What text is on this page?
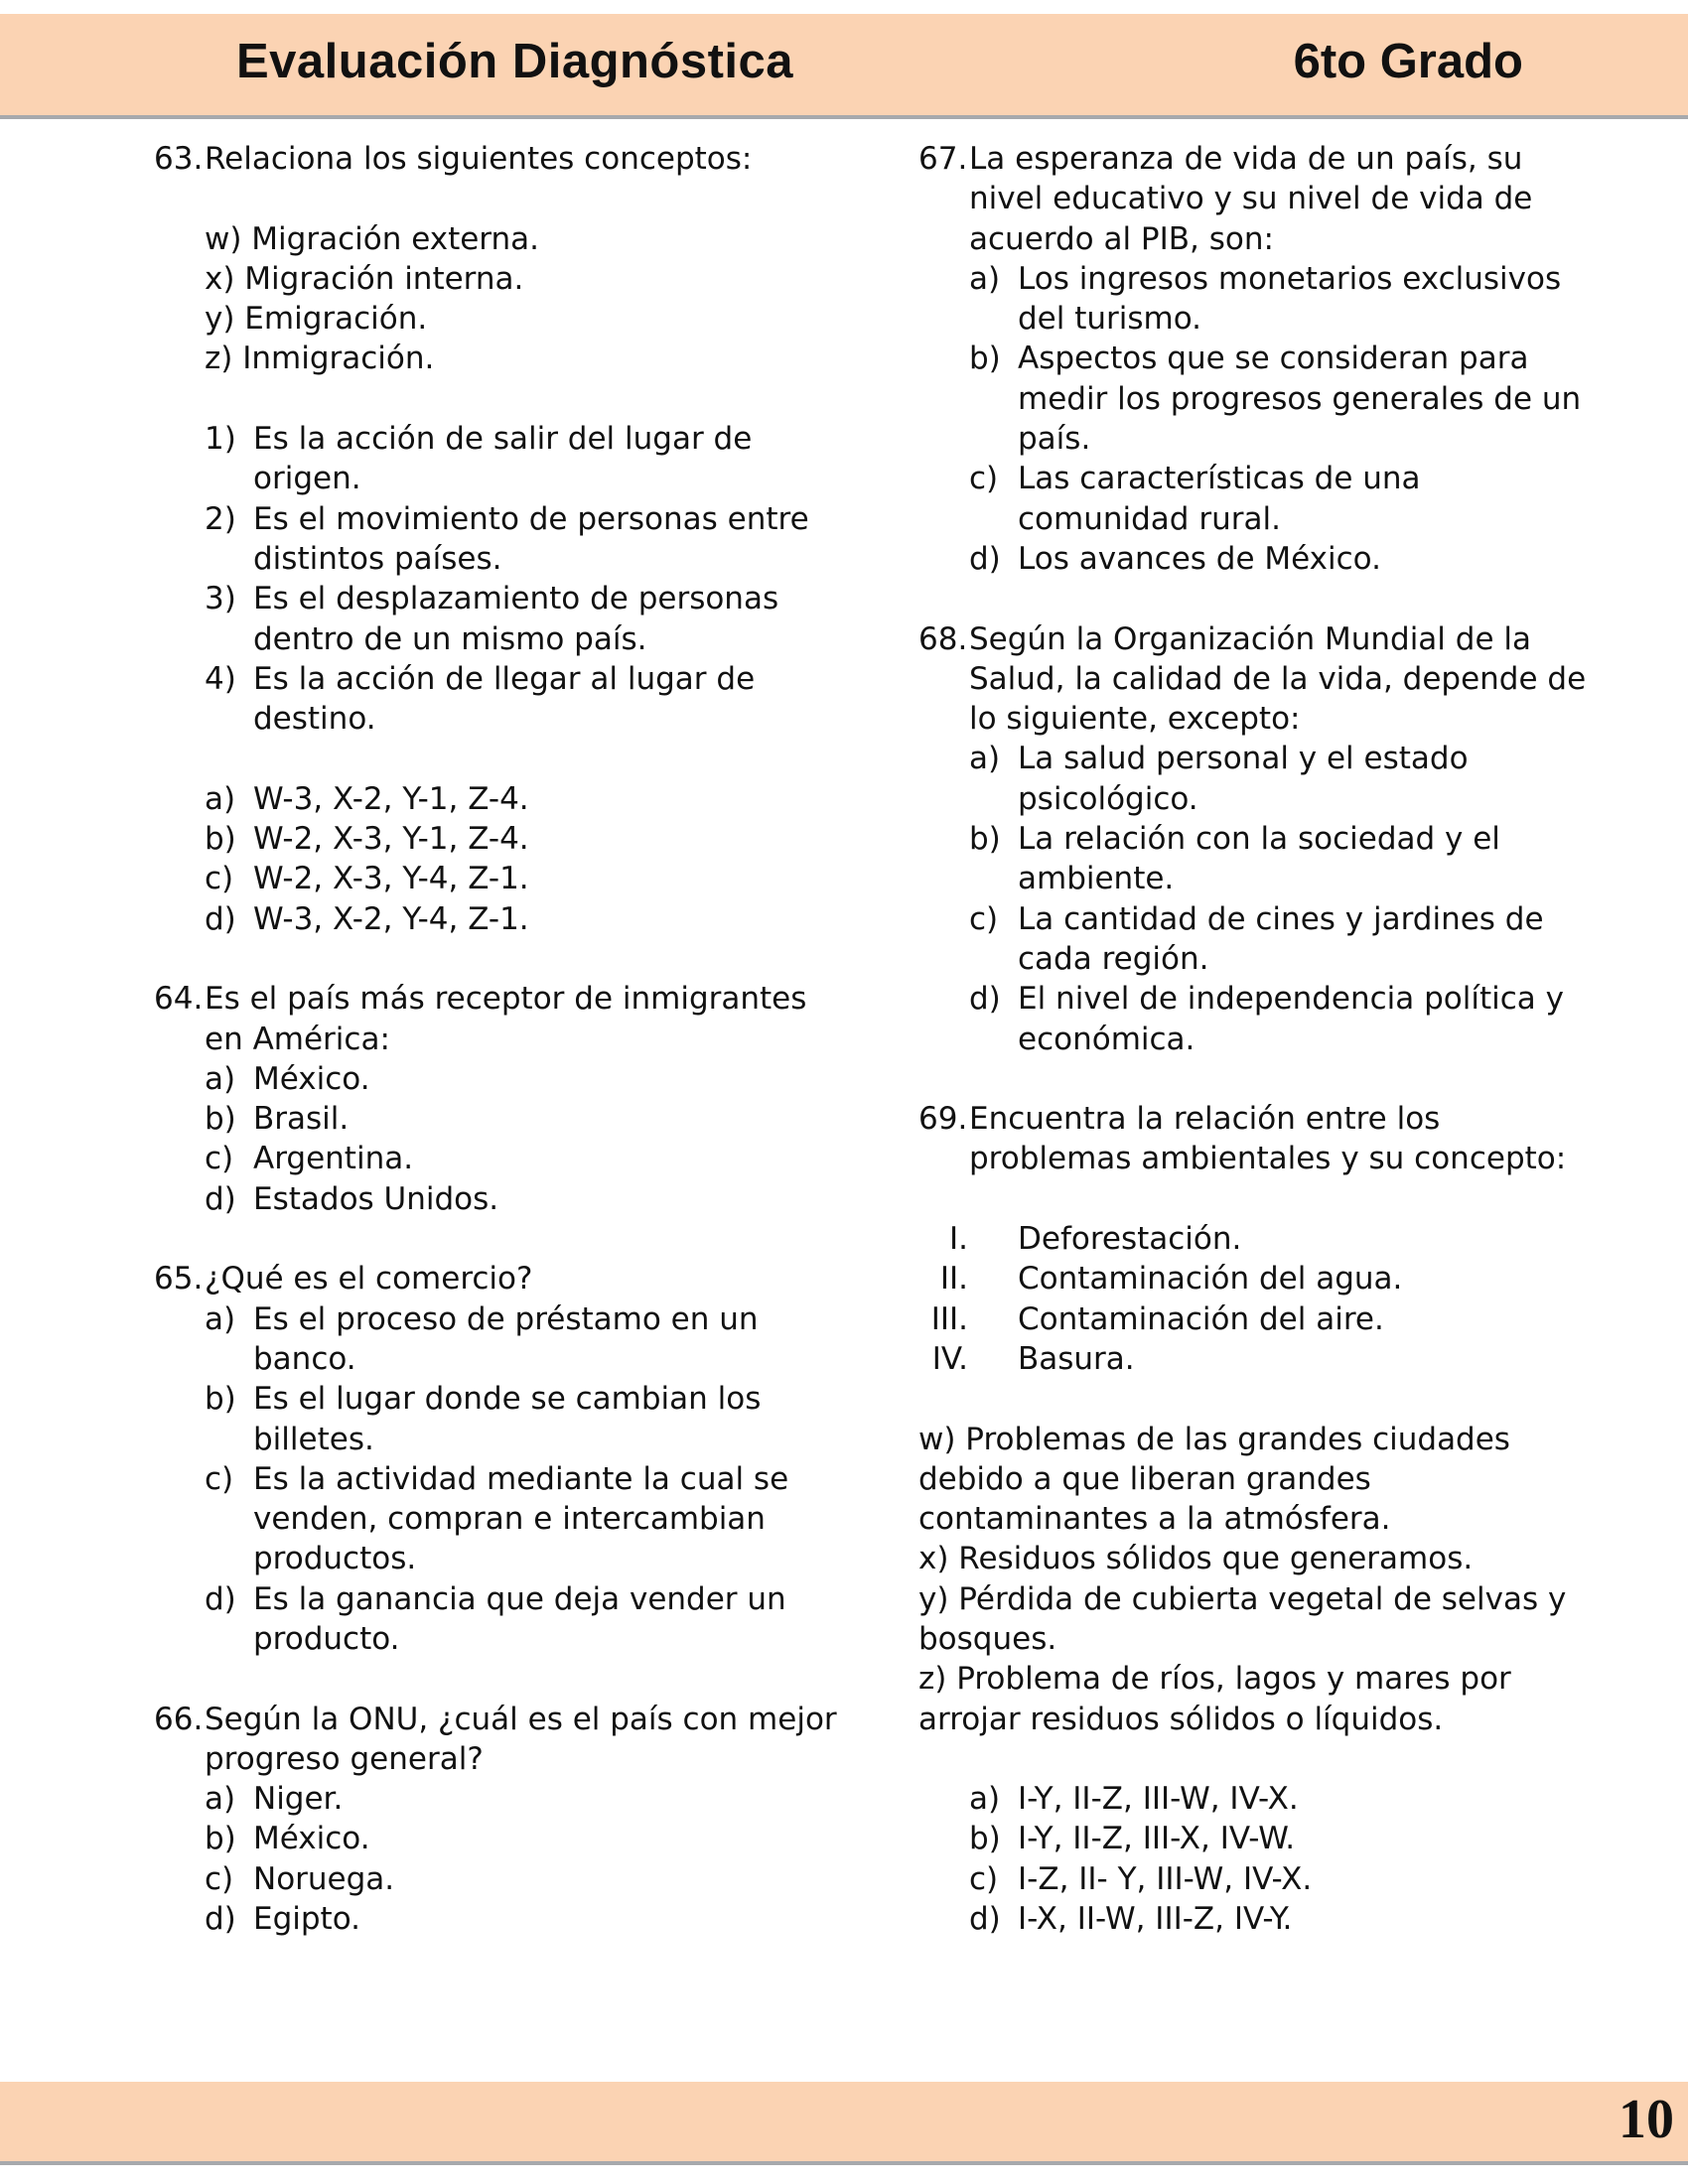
Evaluación Diagnóstica	6to Grado
63. Relaciona los siguientes conceptos:
w) Migración externa.
x) Migración interna.
y) Emigración.
z) Inmigración.
1) Es la acción de salir del lugar de origen.
2) Es el movimiento de personas entre distintos países.
3) Es el desplazamiento de personas dentro de un mismo país.
4) Es la acción de llegar al lugar de destino.
a) W-3, X-2, Y-1, Z-4.
b) W-2, X-3, Y-1, Z-4.
c) W-2, X-3, Y-4, Z-1.
d) W-3, X-2, Y-4, Z-1.
64. Es el país más receptor de inmigrantes en América:
a) México.
b) Brasil.
c) Argentina.
d) Estados Unidos.
65. ¿Qué es el comercio?
a) Es el proceso de préstamo en un banco.
b) Es el lugar donde se cambian los billetes.
c) Es la actividad mediante la cual se venden, compran e intercambian productos.
d) Es la ganancia que deja vender un producto.
66. Según la ONU, ¿cuál es el país con mejor progreso general?
a) Niger.
b) México.
c) Noruega.
d) Egipto.
67. La esperanza de vida de un país, su nivel educativo y su nivel de vida de acuerdo al PIB, son:
a) Los ingresos monetarios exclusivos del turismo.
b) Aspectos que se consideran para medir los progresos generales de un país.
c) Las características de una comunidad rural.
d) Los avances de México.
68. Según la Organización Mundial de la Salud, la calidad de la vida, depende de lo siguiente, excepto:
a) La salud personal y el estado psicológico.
b) La relación con la sociedad y el ambiente.
c) La cantidad de cines y jardines de cada región.
d) El nivel de independencia política y económica.
69. Encuentra la relación entre los problemas ambientales y su concepto:
I. Deforestación.
II. Contaminación del agua.
III. Contaminación del aire.
IV. Basura.
w) Problemas de las grandes ciudades debido a que liberan grandes contaminantes a la atmósfera.
x) Residuos sólidos que generamos.
y) Pérdida de cubierta vegetal de selvas y bosques.
z) Problema de ríos, lagos y mares por arrojar residuos sólidos o líquidos.
a) I-Y, II-Z, III-W, IV-X.
b) I-Y, II-Z, III-X, IV-W.
c) I-Z, II- Y, III-W, IV-X.
d) I-X, II-W, III-Z, IV-Y.
10
